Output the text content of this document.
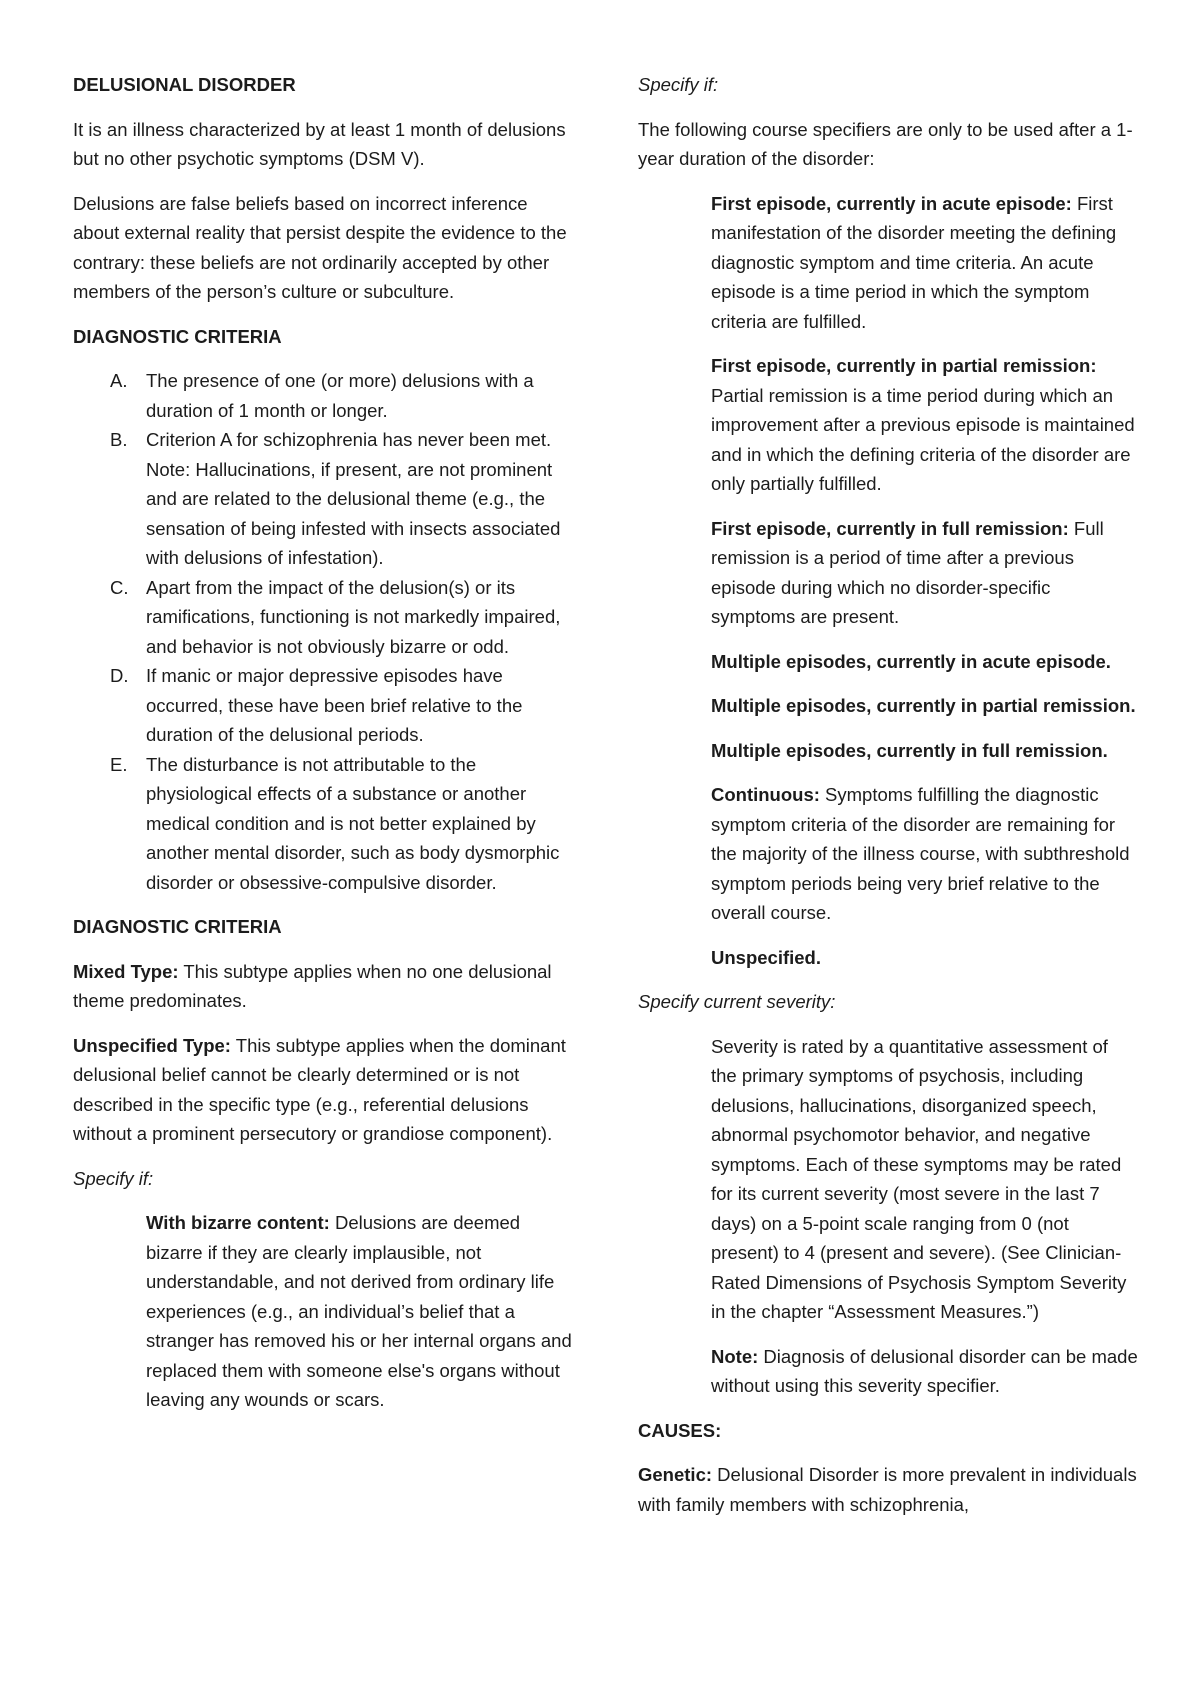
DELUSIONAL DISORDER

It is an illness characterized by at least 1 month of delusions but no other psychotic symptoms (DSM V).

Delusions are false beliefs based on incorrect inference about external reality that persist despite the evidence to the contrary: these beliefs are not ordinarily accepted by other members of the person’s culture or subculture.

DIAGNOSTIC CRITERIA

A. The presence of one (or more) delusions with a duration of 1 month or longer.
B. Criterion A for schizophrenia has never been met.
Note: Hallucinations, if present, are not prominent and are related to the delusional theme (e.g., the sensation of being infested with insects associated with delusions of infestation).
C. Apart from the impact of the delusion(s) or its ramifications, functioning is not markedly impaired, and behavior is not obviously bizarre or odd.
D. If manic or major depressive episodes have occurred, these have been brief relative to the duration of the delusional periods.
E. The disturbance is not attributable to the physiological effects of a substance or another medical condition and is not better explained by another mental disorder, such as body dysmorphic disorder or obsessive-compulsive disorder.

DIAGNOSTIC CRITERIA

Mixed Type: This subtype applies when no one delusional theme predominates.

Unspecified Type: This subtype applies when the dominant delusional belief cannot be clearly determined or is not described in the specific type (e.g., referential delusions without a prominent persecutory or grandiose component).

Specify if:

With bizarre content: Delusions are deemed bizarre if they are clearly implausible, not understandable, and not derived from ordinary life experiences (e.g., an individual’s belief that a stranger has removed his or her internal organs and replaced them with someone else's organs without leaving any wounds or scars.

Specify if:

The following course specifiers are only to be used after a 1-year duration of the disorder:

First episode, currently in acute episode: First manifestation of the disorder meeting the defining diagnostic symptom and time criteria. An acute episode is a time period in which the symptom criteria are fulfilled.

First episode, currently in partial remission: Partial remission is a time period during which an improvement after a previous episode is maintained and in which the defining criteria of the disorder are only partially fulfilled.

First episode, currently in full remission: Full remission is a period of time after a previous episode during which no disorder-specific symptoms are present.

Multiple episodes, currently in acute episode.

Multiple episodes, currently in partial remission.

Multiple episodes, currently in full remission.

Continuous: Symptoms fulfilling the diagnostic symptom criteria of the disorder are remaining for the majority of the illness course, with subthreshold symptom periods being very brief relative to the overall course.

Unspecified.

Specify current severity:

Severity is rated by a quantitative assessment of the primary symptoms of psychosis, including delusions, hallucinations, disorganized speech, abnormal psychomotor behavior, and negative symptoms. Each of these symptoms may be rated for its current severity (most severe in the last 7 days) on a 5-point scale ranging from 0 (not present) to 4 (present and severe). (See Clinician-Rated Dimensions of Psychosis Symptom Severity in the chapter “Assessment Measures.”)

Note: Diagnosis of delusional disorder can be made without using this severity specifier.

CAUSES:

Genetic: Delusional Disorder is more prevalent in individuals with family members with schizophrenia,
